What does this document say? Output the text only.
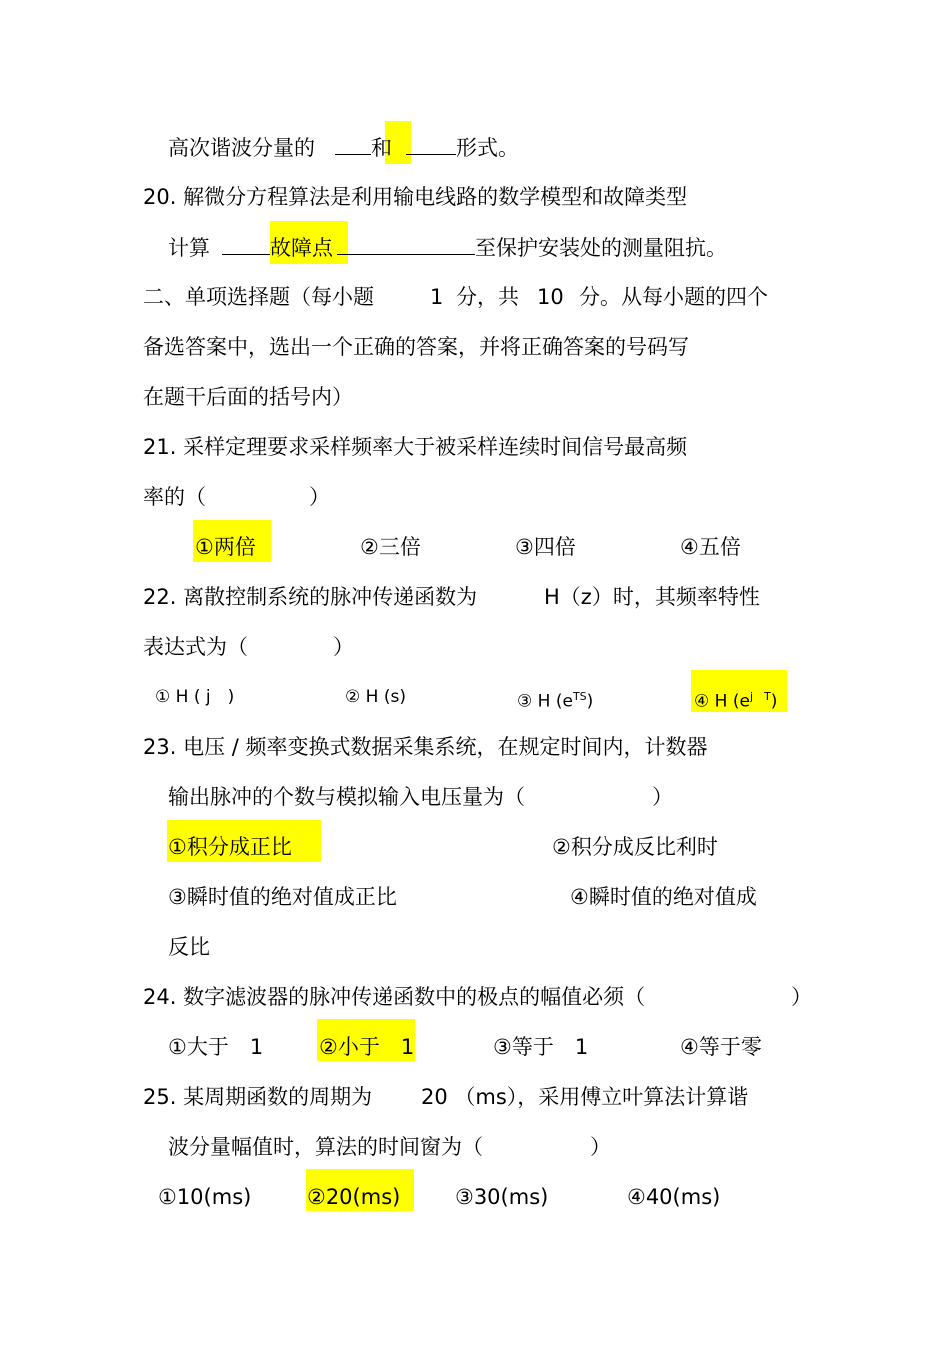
高次谐波分量的	和	形式。
20. 解微分方程算法是利用输电线路的数学模型和故障类型
计算	故障点	至保护安装处的测量阻抗。
二、单项选择题（每小题	1 分，共 10 分。从每小题的四个
备选答案中，选出一个正确的答案，并将正确答案的号码写
在题干后面的括号内）
21. 采样定理要求采样频率大于被采样连续时间信号最高频
率的（	）
①两倍	②三倍	③四倍	④五倍
22. 离散控制系统的脉冲传递函数为	H（z）时，其频率特性
表达式为（	）
① H ( j　)	② H (s)	③ H $(e^{TS})$	④ H $(e^{j T})$
23. 电压 / 频率变换式数据采集系统，在规定时间内，计数器
输出脉冲的个数与模拟输入电压量为（	）
①积分成正比	②积分成反比利时
③瞬时值的绝对值成正比	④瞬时值的绝对值成
反比
24. 数字滤波器的脉冲传递函数中的极点的幅值必须（	）
①大于　1	②小于　1	③等于　1	④等于零
25. 某周期函数的周期为 20 （ms），采用傅立叶算法计算谐
波分量幅值时，算法的时间窗为（	）
①10(ms)	②20(ms)	③30(ms)	④40(ms)
